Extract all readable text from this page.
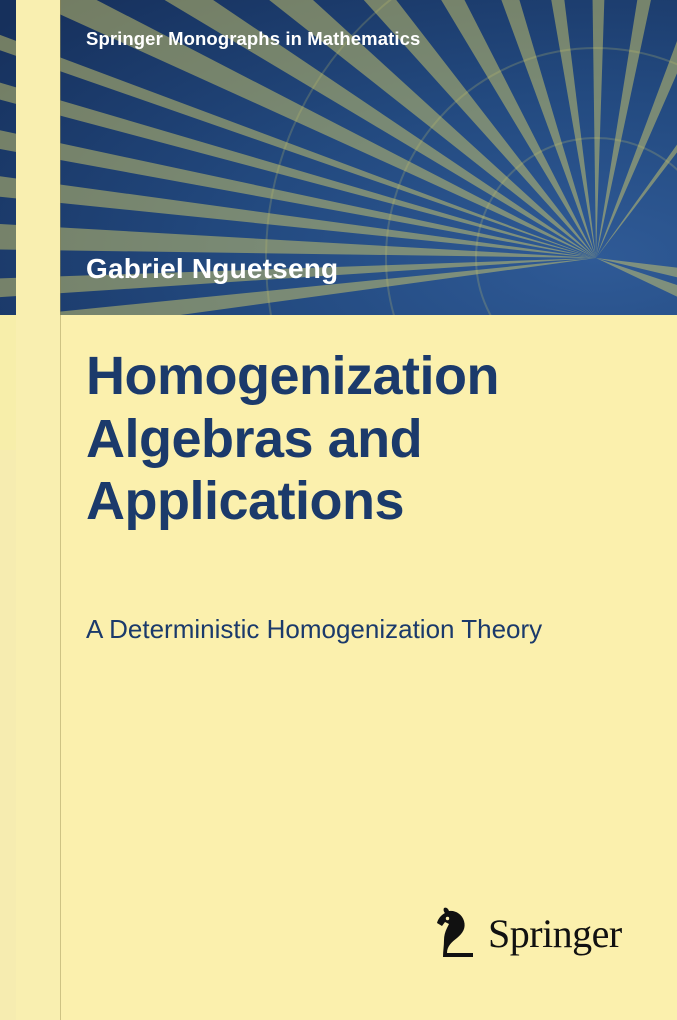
Springer Monographs in Mathematics
Gabriel Nguetseng
Homogenization Algebras and Applications
A Deterministic Homogenization Theory
Springer
